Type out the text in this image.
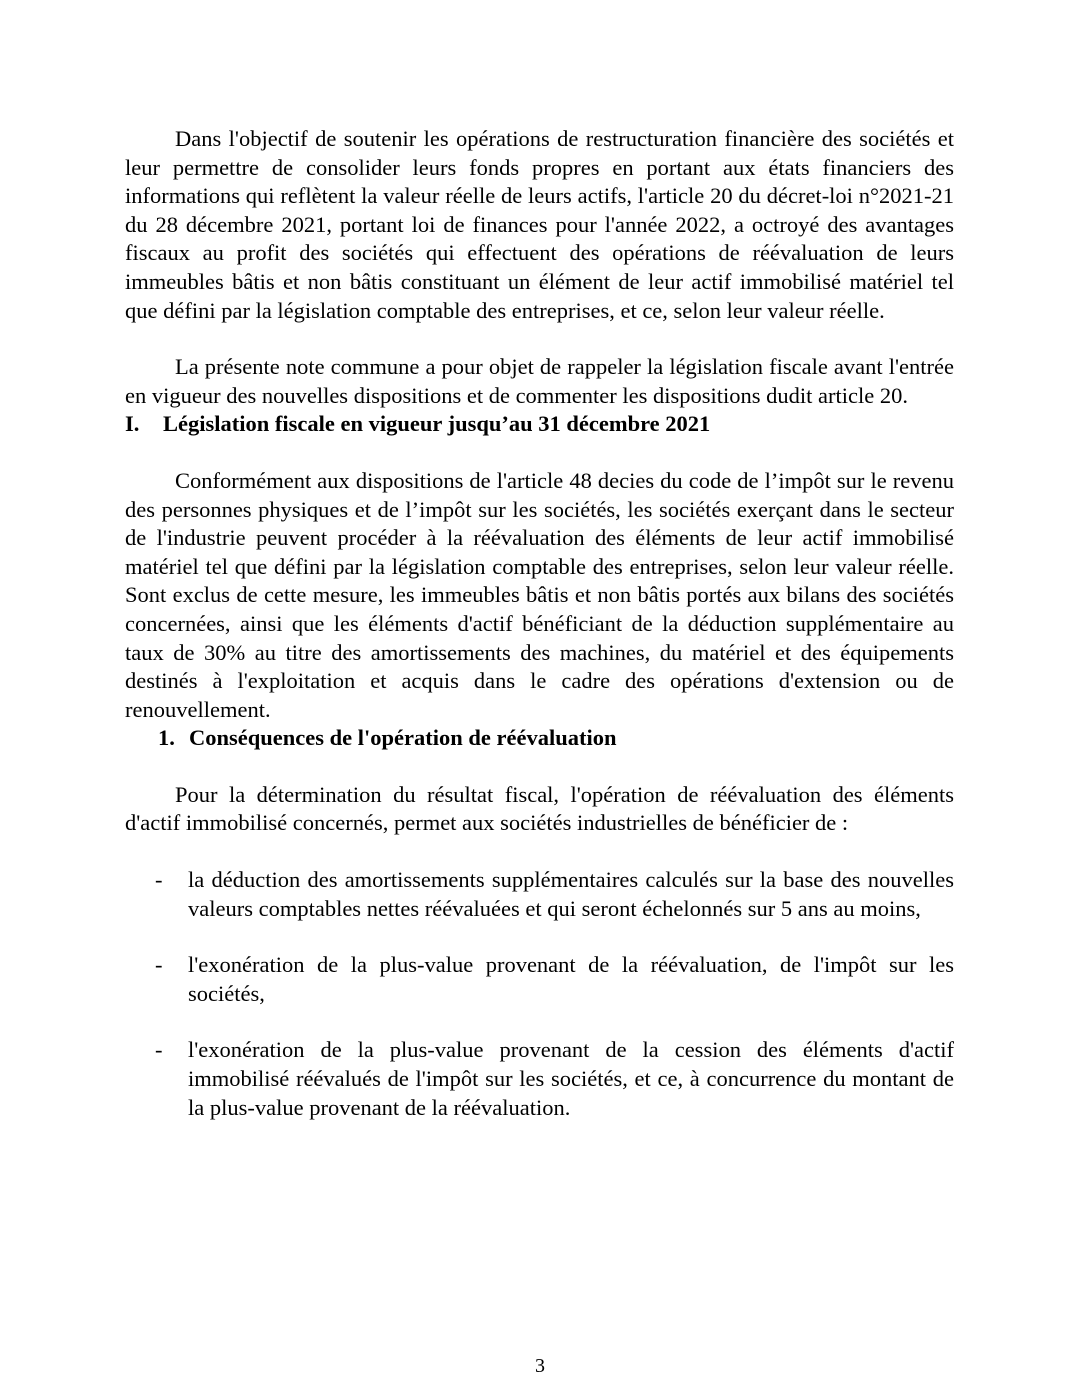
Dans l'objectif de soutenir les opérations de restructuration financière des sociétés et leur permettre de consolider leurs fonds propres en portant aux états financiers des informations qui reflètent la valeur réelle de leurs actifs, l'article 20 du décret-loi n°2021-21 du 28 décembre 2021, portant loi de finances pour l'année 2022, a octroyé des avantages fiscaux au profit des sociétés qui effectuent des opérations de réévaluation de leurs immeubles bâtis et non bâtis constituant un élément de leur actif immobilisé matériel tel que défini par la législation comptable des entreprises, et ce, selon leur valeur réelle.

La présente note commune a pour objet de rappeler la législation fiscale avant l'entrée en vigueur des nouvelles dispositions et de commenter les dispositions dudit article 20.

I.	Législation fiscale en vigueur jusqu’au 31 décembre 2021

Conformément aux dispositions de l'article 48 decies du code de l’impôt sur le revenu des personnes physiques et de l’impôt sur les sociétés, les sociétés exerçant dans le secteur de l'industrie peuvent procéder à la réévaluation des éléments de leur actif immobilisé matériel tel que défini par la législation comptable des entreprises, selon leur valeur réelle. Sont exclus de cette mesure, les immeubles bâtis et non bâtis portés aux bilans des sociétés concernées, ainsi que les éléments d'actif bénéficiant de la déduction supplémentaire au taux de 30% au titre des amortissements des machines, du matériel et des équipements destinés à l'exploitation et acquis dans le cadre des opérations d'extension ou de renouvellement.

1. Conséquences de l'opération de réévaluation

Pour la détermination du résultat fiscal, l'opération de réévaluation des éléments d'actif immobilisé concernés, permet aux sociétés industrielles de bénéficier de :

- la déduction des amortissements supplémentaires calculés sur la base des nouvelles valeurs comptables nettes réévaluées et qui seront échelonnés sur 5 ans au moins,
- l'exonération de la plus-value provenant de la réévaluation, de l'impôt sur les sociétés,
- l'exonération de la plus-value provenant de la cession des éléments d'actif immobilisé réévalués de l'impôt sur les sociétés, et ce, à concurrence du montant de la plus-value provenant de la réévaluation.
3
